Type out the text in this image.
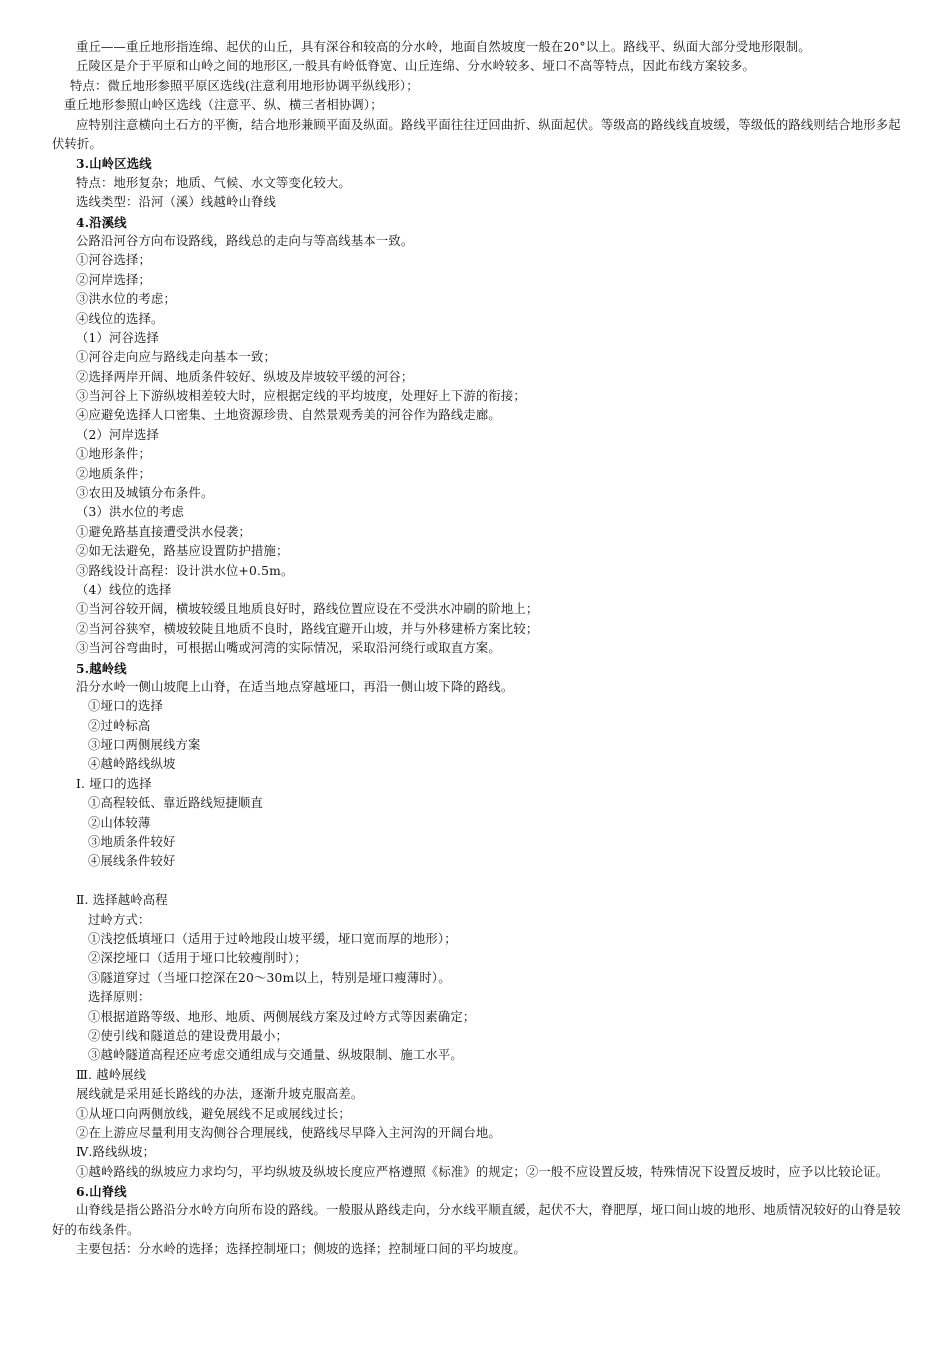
重丘——重丘地形指连绵、起伏的山丘，具有深谷和较高的分水岭，地面自然坡度一般在20°以上。路线平、纵面大部分受地形限制。
丘陵区是介于平原和山岭之间的地形区,一般具有岭低脊宽、山丘连绵、分水岭较多、垭口不高等特点，因此布线方案较多。
特点：微丘地形参照平原区选线(注意利用地形协调平纵线形）；
重丘地形参照山岭区选线（注意平、纵、横三者相协调）；
应特别注意横向土石方的平衡，结合地形兼顾平面及纵面。路线平面往往迂回曲折、纵面起伏。等级高的路线线直坡缓，等级低的路线则结合地形多起伏转折。
3.山岭区选线
特点：地形复杂；地质、气候、水文等变化较大。
选线类型：沿河（溪）线越岭山脊线
4.沿溪线
公路沿河谷方向布设路线，路线总的走向与等高线基本一致。
①河谷选择；
②河岸选择；
③洪水位的考虑；
④线位的选择。
（1）河谷选择
①河谷走向应与路线走向基本一致；
②选择两岸开阔、地质条件较好、纵坡及岸坡较平缓的河谷；
③当河谷上下游纵坡相差较大时，应根据定线的平均坡度，处理好上下游的衔接；
④应避免选择人口密集、土地资源珍贵、自然景观秀美的河谷作为路线走廊。
（2）河岸选择
①地形条件；
②地质条件；
③农田及城镇分布条件。
（3）洪水位的考虑
①避免路基直接遭受洪水侵袭；
②如无法避免，路基应设置防护措施；
③路线设计高程：设计洪水位+0.5m。
（4）线位的选择
①当河谷较开阔，横坡较缓且地质良好时，路线位置应设在不受洪水冲刷的阶地上；
②当河谷狭窄，横坡较陡且地质不良时，路线宜避开山坡，并与外移建桥方案比较；
③当河谷弯曲时，可根据山嘴或河湾的实际情况，采取沿河绕行或取直方案。
5.越岭线
沿分水岭一侧山坡爬上山脊，在适当地点穿越垭口，再沿一侧山坡下降的路线。
①垭口的选择
②过岭标高
③垭口两侧展线方案
④越岭路线纵坡
Ⅰ. 垭口的选择
①高程较低、靠近路线短捷顺直
②山体较薄
③地质条件较好
④展线条件较好
Ⅱ. 选择越岭高程
过岭方式：
①浅挖低填垭口（适用于过岭地段山坡平缓，垭口宽而厚的地形）；
②深挖垭口（适用于垭口比较瘦削时）；
③隧道穿过（当垭口挖深在20～30m以上，特别是垭口瘦薄时）。
选择原则：
①根据道路等级、地形、地质、两侧展线方案及过岭方式等因素确定；
②使引线和隧道总的建设费用最小；
③越岭隧道高程还应考虑交通组成与交通量、纵坡限制、施工水平。
Ⅲ. 越岭展线
展线就是采用延长路线的办法，逐渐升坡克服高差。
①从垭口向两侧放线，避免展线不足或展线过长；
②在上游应尽量利用支沟侧谷合理展线，使路线尽早降入主河沟的开阔台地。
Ⅳ.路线纵坡；
①越岭路线的纵坡应力求均匀，平均纵坡及纵坡长度应严格遵照《标准》的规定；②一般不应设置反坡，特殊情况下设置反坡时，应予以比较论证。
6.山脊线
山脊线是指公路沿分水岭方向所布设的路线。一般服从路线走向，分水线平顺直緩，起伏不大，脊肥厚，垭口间山坡的地形、地质情况较好的山脊是较好的布线条件。
主要包括：分水岭的选择；选择控制垭口；侧坡的选择；控制垭口间的平均坡度。
